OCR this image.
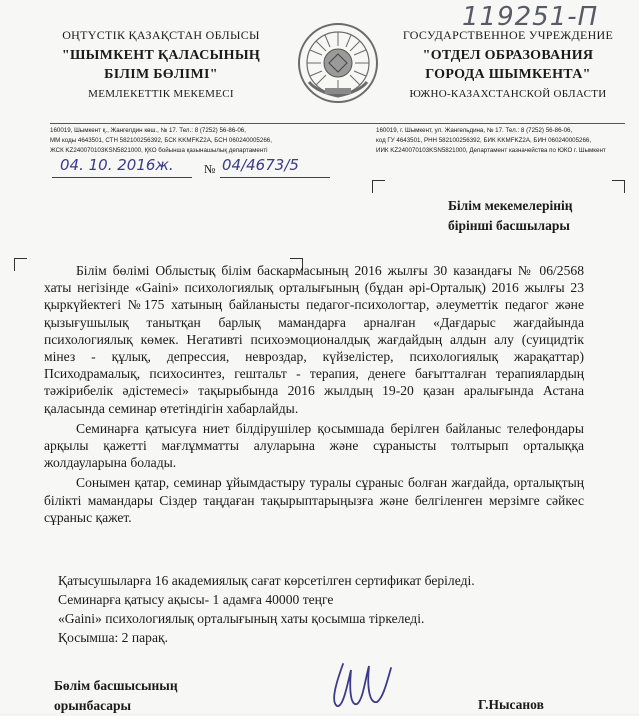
119251-П
ОҢТҮСТІК ҚАЗАҚСТАН ОБЛЫСЫ
"ШЫМКЕНТ ҚАЛАСЫНЫҢ
БІЛІМ БӨЛІМІ"
МЕМЛЕКЕТТІК МЕКЕМЕСІ
ГОСУДАРСТВЕННОЕ УЧРЕЖДЕНИЕ
"ОТДЕЛ ОБРАЗОВАНИЯ
ГОРОДА ШЫМКЕНТА"
ЮЖНО-КАЗАХСТАНСКОЙ ОБЛАСТИ
160019, Шымкент қ., Жангелдин көш., № 17. Тел.: 8 (7252) 56-86-06,
ММ коды 4643501, СТН 582100256392, БСК KKMFKZ2A, БСН 060240005266,
ЖСК KZ240070103KSN5821000, ҚКО бойынша қазынашылық департаменті
160019, г. Шымкент, ул. Жангельдина, № 17. Тел.: 8 (7252) 56-86-06,
код ГУ 4643501, РНН 582100256392, БИК KKMFKZ2A, БИН 060240005266,
ИИК KZ240070103KSN5821000, Департамент казначейства по ЮКО г. Шымкент
04. 10. 2016ж.	№ 04/4673/5
Білім мекемелерінің
бірінші басшылары

Білім бөлімі Облыстық білім баскармасының 2016 жылғы 30 казандағы № 06/2568 хаты негізінде «Gaini» психологиялық орталығының (бұдан әрі-Орталық) 2016 жылғы 23 қыркүйектегі №175 хатының байланысты педагог-психологтар, әлеуметтік педагог және қызығушылық танытқан барлық мамандарға арналған «Дағдарыс жағдайында психологиялық көмек. Негативті психоэмоционалдық жағдайдың алдын алу (суицидтік мінез - құлық, депрессия, невроздар, күйзелістер, психологиялық жарақаттар) Психодрамалық, психосинтез, гештальт - терапия, денеге бағытталған терапиялардың тәжірибелік әдістемесі» тақырыбында 2016 жылдың 19-20 қазан аралығында Астана қаласында семинар өтетіндігін хабарлайды.

Семинарға қатысуға ниет білдірушілер қосымшада берілген байланыс телефондары арқылы қажетті мағлұмматты алуларына және сұранысты толтырып орталыққа жолдауларына болады.

Сонымен қатар, семинар ұйымдастыру туралы сұраныс болған жағдайда, орталықтың білікті мамандары Сіздер таңдаған тақырыптарыңызға және белгіленген мерзімге сәйкес сұраныс қажет.

Қатысушыларға 16 академиялық сағат көрсетілген сертификат беріледі.
Семинарға қатысу ақысы- 1 адамға 40000 теңге
«Gaini» психологиялық орталығының хаты қосымша тіркеледі.
Қосымша: 2 парақ.
Бөлім басшысының
орынбасары	Г.Нысанов
